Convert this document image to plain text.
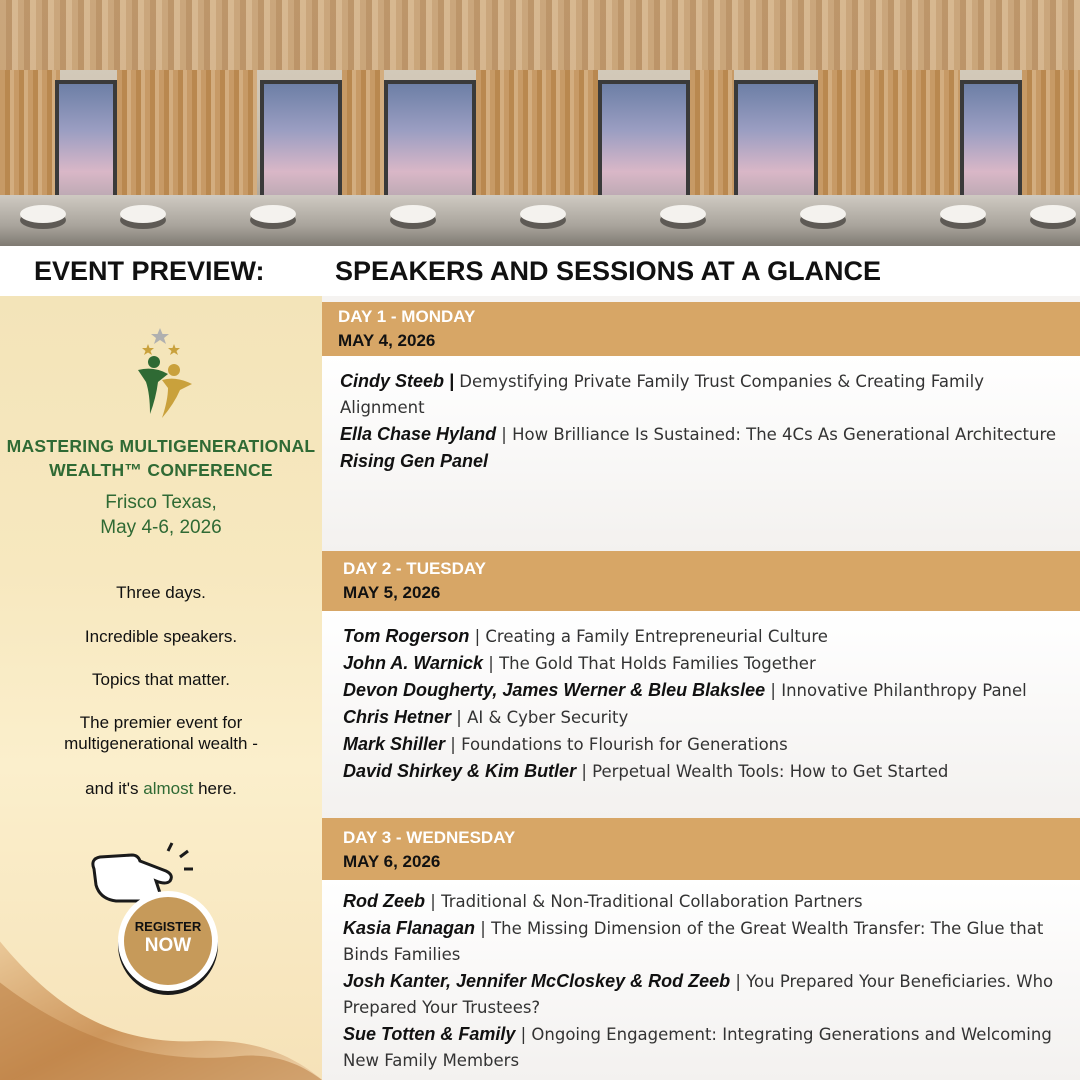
EVENT PREVIEW:	SPEAKERS AND SESSIONS AT A GLANCE
MASTERING MULTIGENERATIONAL
WEALTH™ CONFERENCE
Frisco Texas,
May 4-6, 2026
Three days.
Incredible speakers.
Topics that matter.
The premier event for
multigenerational wealth -
and it's almost here.
REGISTER
NOW
DAY 1 - MONDAY
MAY 4, 2026
Cindy Steeb | Demystifying Private Family Trust Companies & Creating Family Alignment
Ella Chase Hyland | How Brilliance Is Sustained: The 4Cs As Generational Architecture
Rising Gen Panel
DAY 2 - TUESDAY
MAY 5, 2026
Tom Rogerson | Creating a Family Entrepreneurial Culture
John A. Warnick | The Gold That Holds Families Together
Devon Dougherty, James Werner & Bleu Blakslee | Innovative Philanthropy Panel
Chris Hetner | AI & Cyber Security
Mark Shiller | Foundations to Flourish for Generations
David Shirkey & Kim Butler | Perpetual Wealth Tools: How to Get Started
DAY 3 - WEDNESDAY
MAY 6, 2026
Rod Zeeb | Traditional & Non-Traditional Collaboration Partners
Kasia Flanagan | The Missing Dimension of the Great Wealth Transfer: The Glue that Binds Families
Josh Kanter, Jennifer McCloskey & Rod Zeeb | You Prepared Your Beneficiaries. Who Prepared Your Trustees?
Sue Totten & Family | Ongoing Engagement: Integrating Generations and Welcoming New Family Members
